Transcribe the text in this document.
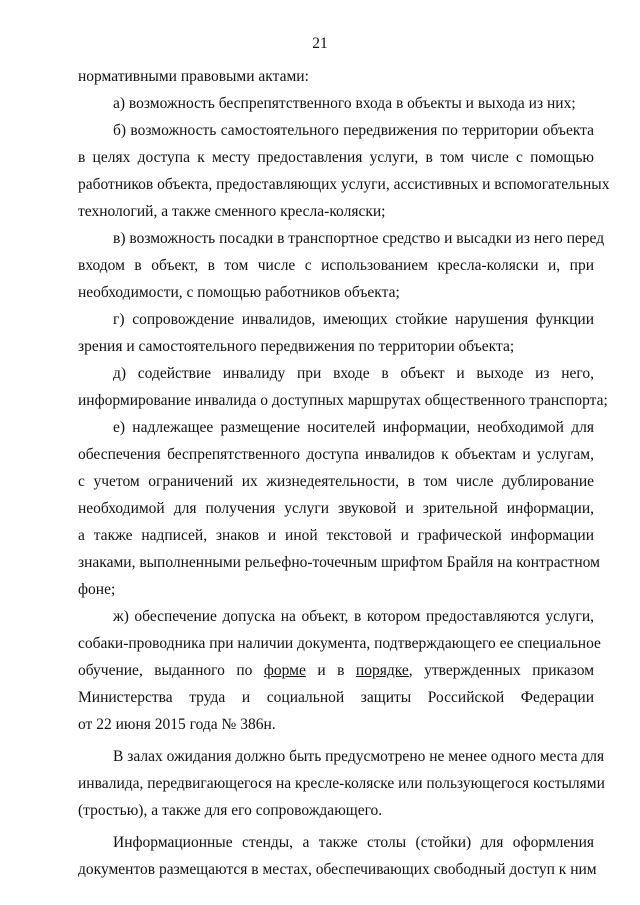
21
нормативными правовыми актами:
а) возможность беспрепятственного входа в объекты и выхода из них;
б) возможность самостоятельного передвижения по территории объекта
в целях доступа к месту предоставления услуги, в том числе с помощью
работников объекта, предоставляющих услуги, ассистивных и вспомогательных
технологий, а также сменного кресла-коляски;
в) возможность посадки в транспортное средство и высадки из него перед
входом в объект, в том числе с использованием кресла-коляски и, при
необходимости, с помощью работников объекта;
г) сопровождение инвалидов, имеющих стойкие нарушения функции
зрения и самостоятельного передвижения по территории объекта;
д) содействие инвалиду при входе в объект и выходе из него,
информирование инвалида о доступных маршрутах общественного транспорта;
е) надлежащее размещение носителей информации, необходимой для
обеспечения беспрепятственного доступа инвалидов к объектам и услугам,
с учетом ограничений их жизнедеятельности, в том числе дублирование
необходимой для получения услуги звуковой и зрительной информации,
а также надписей, знаков и иной текстовой и графической информации
знаками, выполненными рельефно-точечным шрифтом Брайля на контрастном
фоне;
ж) обеспечение допуска на объект, в котором предоставляются услуги,
собаки-проводника при наличии документа, подтверждающего ее специальное
обучение, выданного по форме и в порядке, утвержденных приказом
Министерства труда и социальной защиты Российской Федерации
от 22 июня 2015 года № 386н.
В залах ожидания должно быть предусмотрено не менее одного места для
инвалида, передвигающегося на кресле-коляске или пользующегося костылями
(тростью), а также для его сопровождающего.
Информационные стенды, а также столы (стойки) для оформления
документов размещаются в местах, обеспечивающих свободный доступ к ним
